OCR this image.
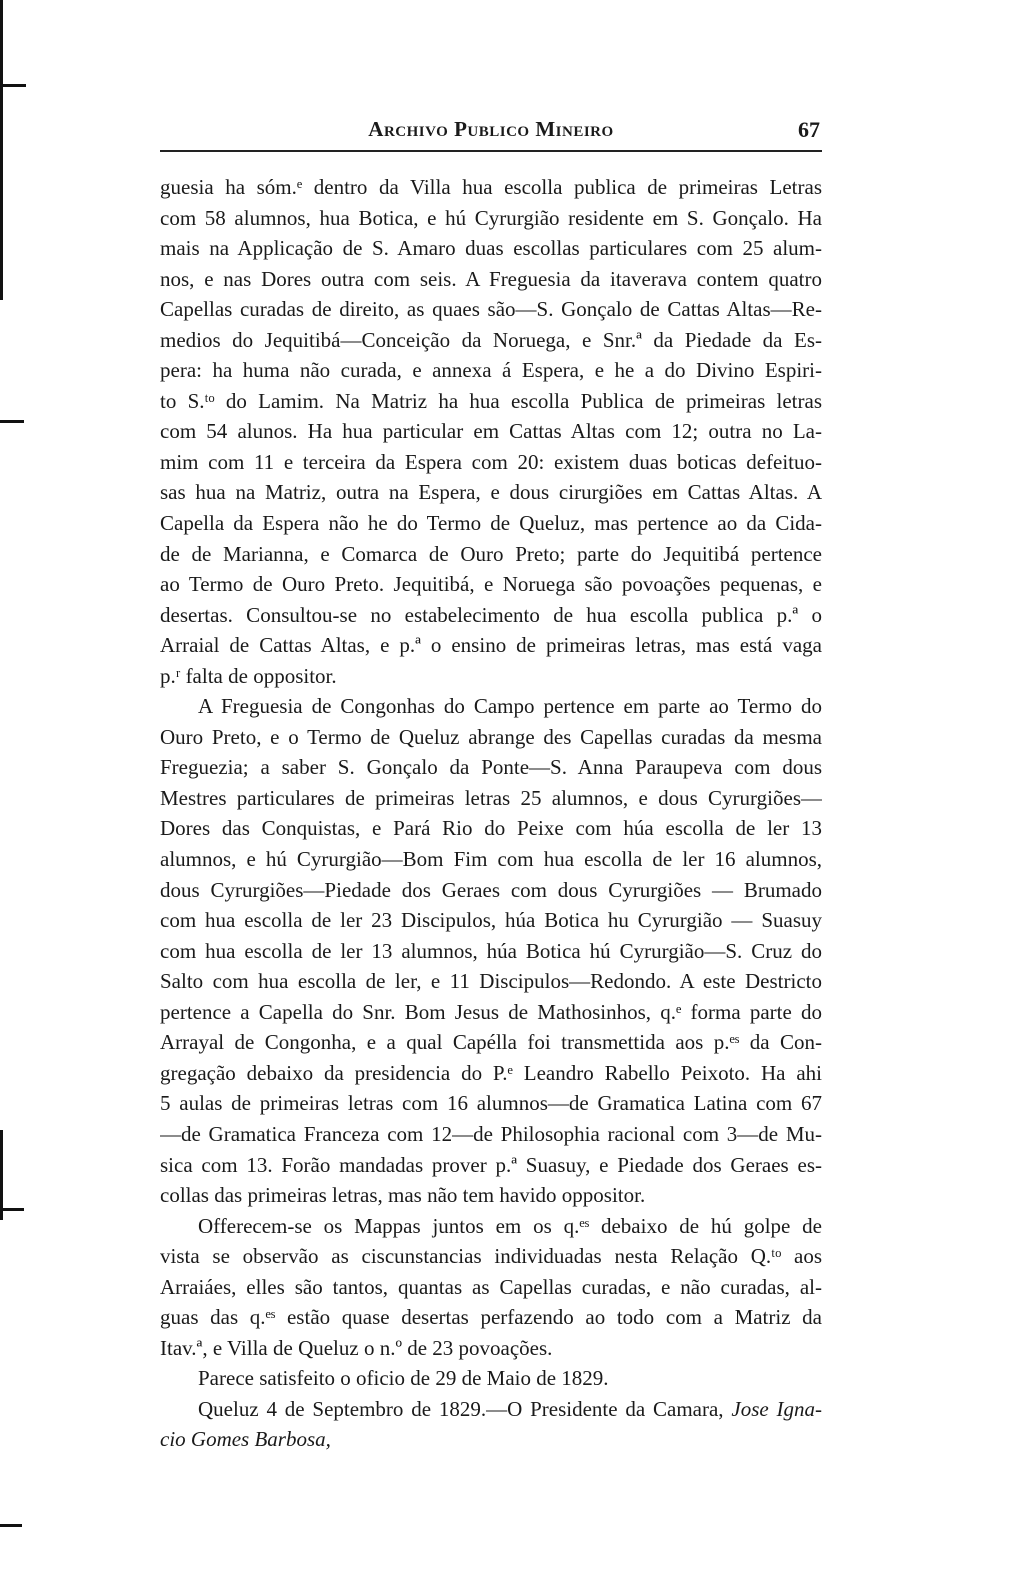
Archivo Publico Mineiro	67
guesia ha sóm.ᵉ dentro da Villa hua escolla publica de primeiras Letras
com 58 alumnos, hua Botica, e hú Cyrurgião residente em S. Gonçalo. Ha
mais na Applicação de S. Amaro duas escollas particulares com 25 alum-
nos, e nas Dores outra com seis. A Freguesia da itaverava contem quatro
Capellas curadas de direito, as quaes são—S. Gonçalo de Cattas Altas—Re-
medios do Jequitibá—Conceição da Noruega, e Snr.ª da Piedade da Es-
pera: ha huma não curada, e annexa á Espera, e he a do Divino Espiri-
to S.ᵗᵒ do Lamim. Na Matriz ha hua escolla Publica de primeiras letras
com 54 alunos. Ha hua particular em Cattas Altas com 12; outra no La-
mim com 11 e terceira da Espera com 20: existem duas boticas defeituo-
sas hua na Matriz, outra na Espera, e dous cirurgiões em Cattas Altas. A
Capella da Espera não he do Termo de Queluz, mas pertence ao da Cida-
de de Marianna, e Comarca de Ouro Preto; parte do Jequitibá pertence
ao Termo de Ouro Preto. Jequitibá, e Noruega são povoações pequenas, e
desertas. Consultou-se no estabelecimento de hua escolla publica p.ª o
Arraial de Cattas Altas, e p.ª o ensino de primeiras letras, mas está vaga
p.ʳ falta de oppositor.
A Freguesia de Congonhas do Campo pertence em parte ao Termo do
Ouro Preto, e o Termo de Queluz abrange des Capellas curadas da mesma
Freguezia; a saber S. Gonçalo da Ponte—S. Anna Paraupeva com dous
Mestres particulares de primeiras letras 25 alumnos, e dous Cyrurgiões—
Dores das Conquistas, e Pará Rio do Peixe com húa escolla de ler 13
alumnos, e hú Cyrurgião—Bom Fim com hua escolla de ler 16 alumnos,
dous Cyrurgiões—Piedade dos Geraes com dous Cyrurgiões — Brumado
com hua escolla de ler 23 Discipulos, húa Botica hu Cyrurgião — Suasuy
com hua escolla de ler 13 alumnos, húa Botica hú Cyrurgião—S. Cruz do
Salto com hua escolla de ler, e 11 Discipulos—Redondo. A este Destricto
pertence a Capella do Snr. Bom Jesus de Mathosinhos, q.ᵉ forma parte do
Arrayal de Congonha, e a qual Capélla foi transmettida aos p.ᵉˢ da Con-
gregação debaixo da presidencia do P.ᵉ Leandro Rabello Peixoto. Ha ahi
5 aulas de primeiras letras com 16 alumnos—de Gramatica Latina com 67
—de Gramatica Franceza com 12—de Philosophia racional com 3—de Mu-
sica com 13. Forão mandadas prover p.ª Suasuy, e Piedade dos Geraes es-
collas das primeiras letras, mas não tem havido oppositor.
Offerecem-se os Mappas juntos em os q.ᵉˢ debaixo de hú golpe de
vista se observão as ciscunstancias individuadas nesta Relação Q.ᵗᵒ aos
Arraiáes, elles são tantos, quantas as Capellas curadas, e não curadas, al-
guas das q.ᵉˢ estão quase desertas perfazendo ao todo com a Matriz da
Itav.ª, e Villa de Queluz o n.º de 23 povoações.
Parece satisfeito o oficio de 29 de Maio de 1829.
Queluz 4 de Septembro de 1829.—O Presidente da Camara, Jose Igna-
cio Gomes Barbosa,
